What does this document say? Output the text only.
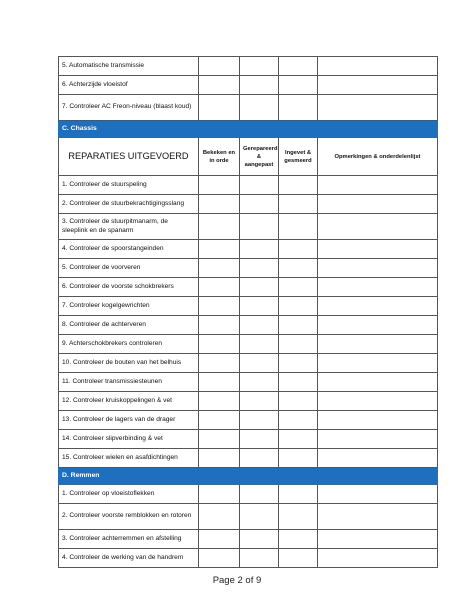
5. Automatische transmissie				
6. Achterzijde vloeistof				
7. Controleer AC Freon-niveau (blaast koud)				
C. Chassis				
REPARATIES UITGEVOERD	Bekeken en in orde	Gerepareerd & aangepast	Ingevet & gesmeerd	Opmerkingen & onderdelenlijst
1. Controleer de stuurspeling				
2. Controleer de stuurbekrachtigingsslang				
3. Controleer de stuurpitmanarm, de sleeplink en de spanarm				
4. Controleer de spoorstangeinden				
5. Controleer de voorveren				
6. Controleer de voorste schokbrekers				
7. Controleer kogelgewrichten				
8. Controleer de achterveren				
9. Achterschokbrekers controleren				
10. Controleer de bouten van het belhuis				
11. Controleer transmissiesteunen				
12. Controleer kruiskoppelingen & vet				
13. Controleer de lagers van de drager				
14. Controleer slipverbinding & vet				
15. Controleer wielen en asafdichtingen				
D. Remmen				
1. Controleer op vloeistoflekken				
2. Controleer voorste remblokken en rotoren				
3. Controleer achterremmen en afstelling				
4. Controleer de werking van de handrem				
Page 2 of 9
